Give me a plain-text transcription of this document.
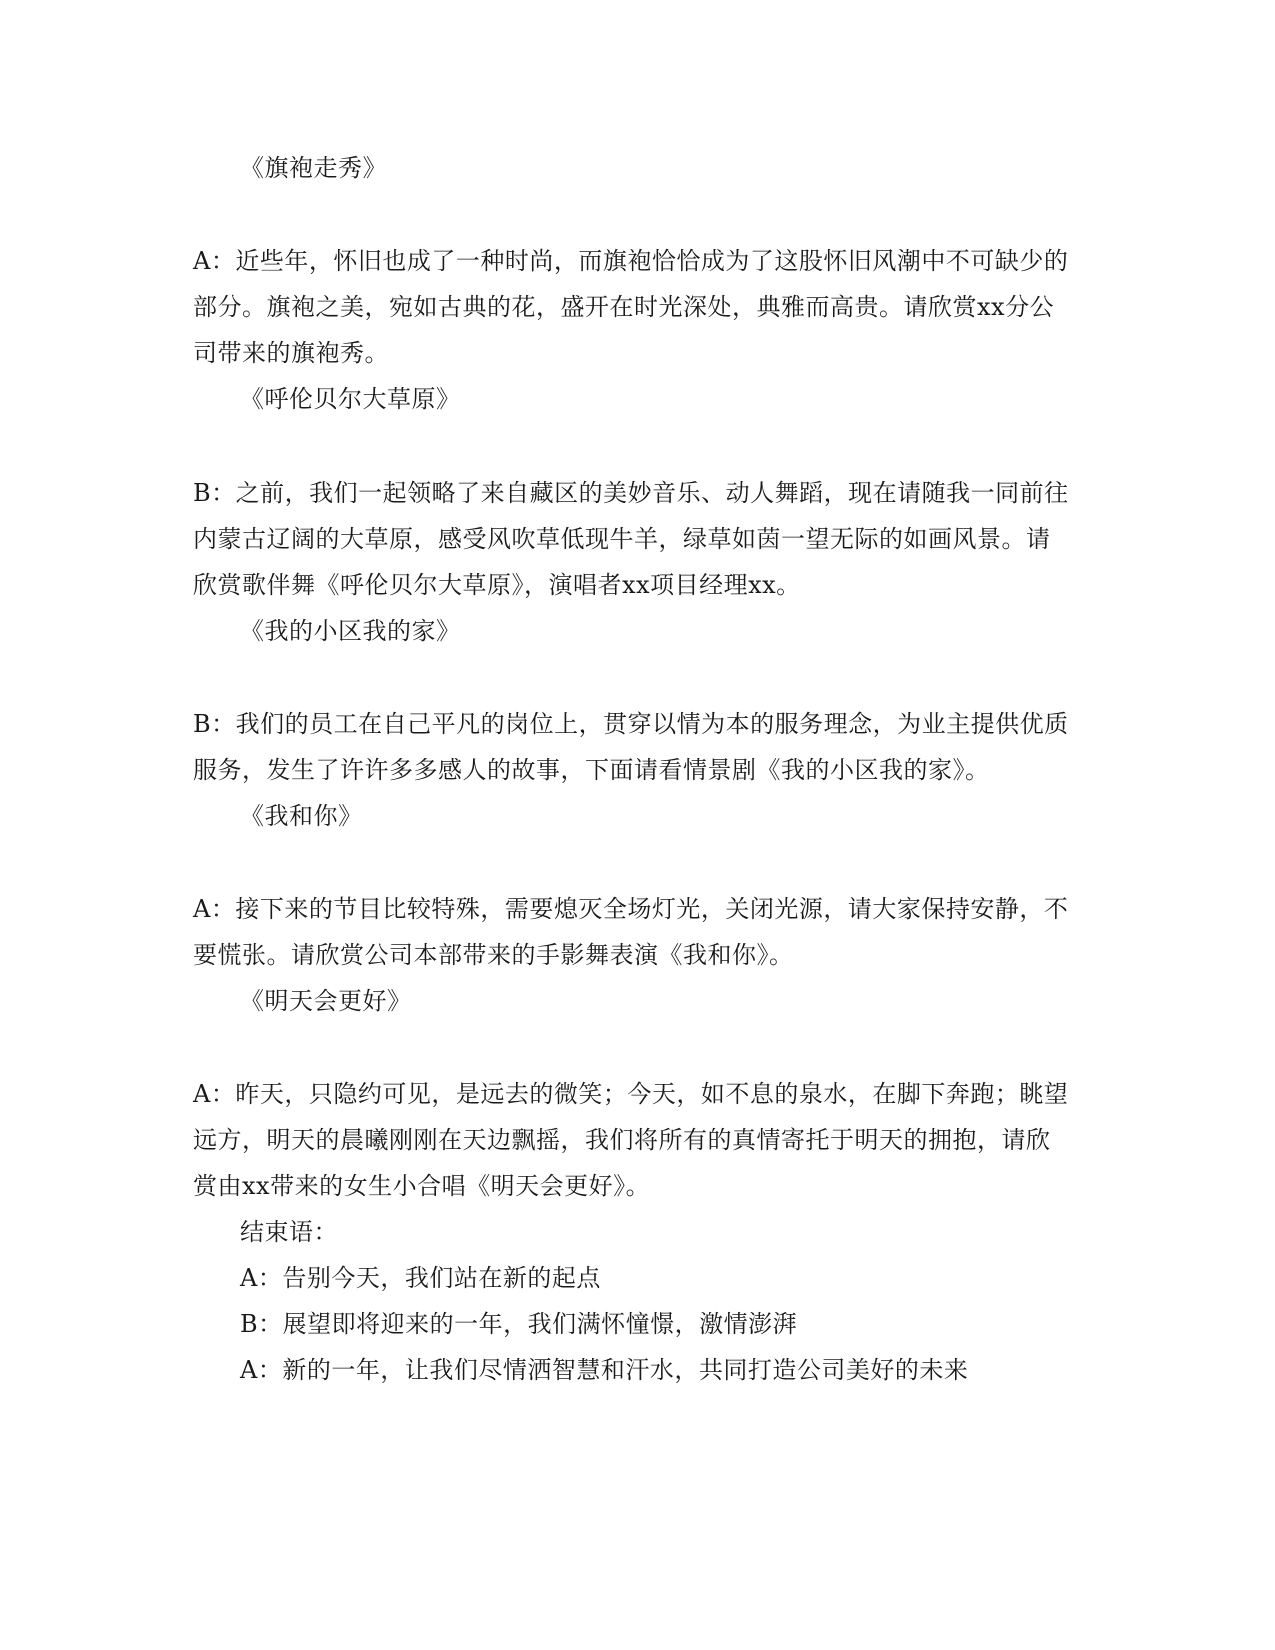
《旗袍走秀》
A：近些年，怀旧也成了一种时尚，而旗袍恰恰成为了这股怀旧风潮中不可缺少的
部分。旗袍之美，宛如古典的花，盛开在时光深处，典雅而高贵。请欣赏xx分公
司带来的旗袍秀。
《呼伦贝尔大草原》
B：之前，我们一起领略了来自藏区的美妙音乐、动人舞蹈，现在请随我一同前往
内蒙古辽阔的大草原，感受风吹草低现牛羊，绿草如茵一望无际的如画风景。请
欣赏歌伴舞《呼伦贝尔大草原》，演唱者xx项目经理xx。
《我的小区我的家》
B：我们的员工在自己平凡的岗位上，贯穿以情为本的服务理念，为业主提供优质
服务，发生了许许多多感人的故事，下面请看情景剧《我的小区我的家》。
《我和你》
A：接下来的节目比较特殊，需要熄灭全场灯光，关闭光源，请大家保持安静，不
要慌张。请欣赏公司本部带来的手影舞表演《我和你》。
《明天会更好》
A：昨天，只隐约可见，是远去的微笑；今天，如不息的泉水，在脚下奔跑；眺望
远方，明天的晨曦刚刚在天边飘摇，我们将所有的真情寄托于明天的拥抱，请欣
赏由xx带来的女生小合唱《明天会更好》。
结束语：
A：告别今天，我们站在新的起点
B：展望即将迎来的一年，我们满怀憧憬，激情澎湃
A：新的一年，让我们尽情洒智慧和汗水，共同打造公司美好的未来
